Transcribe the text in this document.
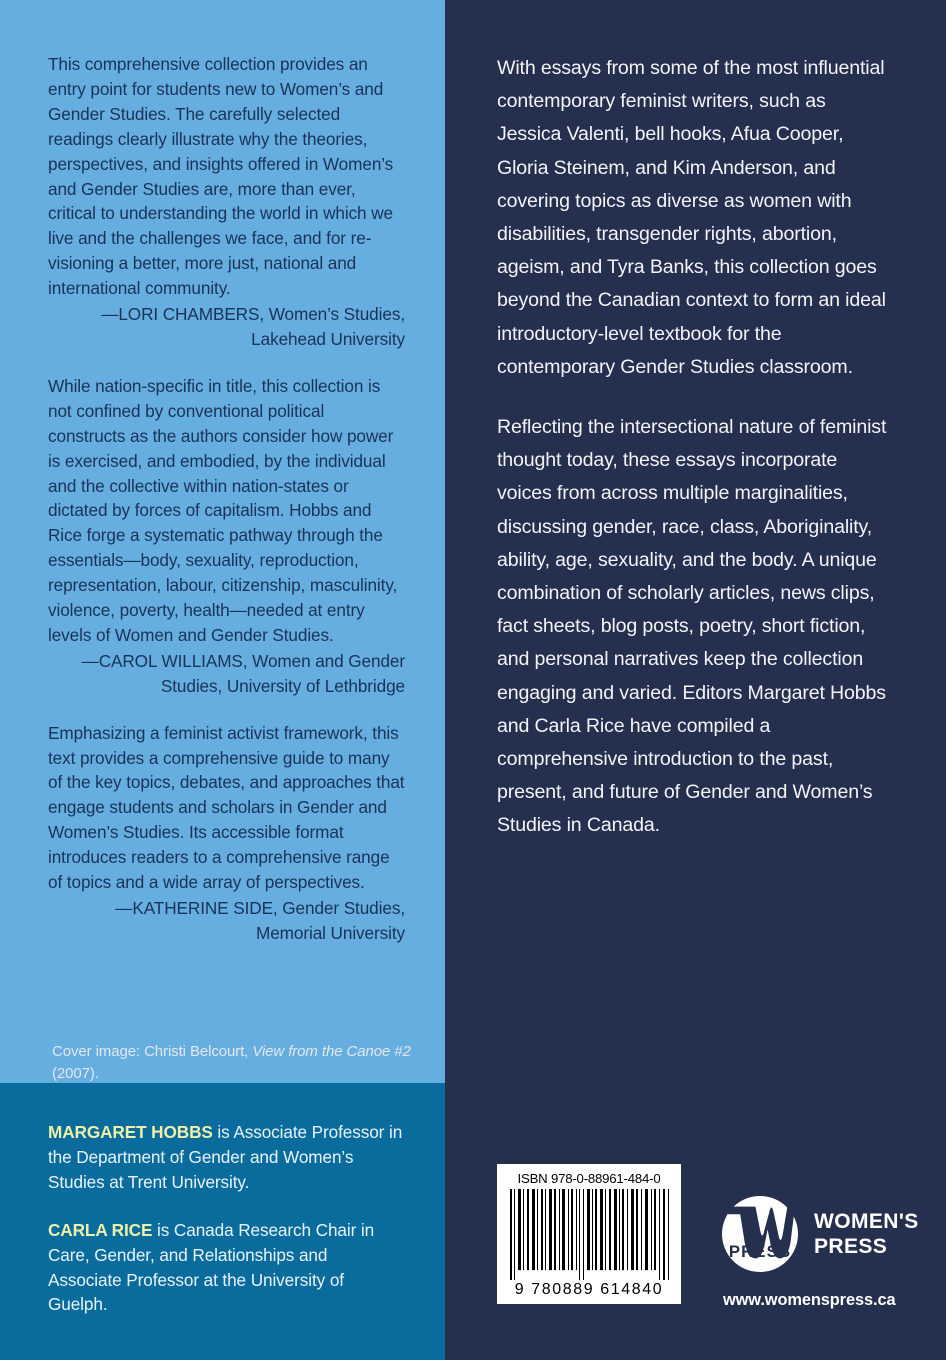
This comprehensive collection provides an entry point for students new to Women’s and Gender Studies. The carefully selected readings clearly illustrate why the theories, perspectives, and insights offered in Women’s and Gender Studies are, more than ever, critical to understanding the world in which we live and the challenges we face, and for re-visioning a better, more just, national and international community.
—LORI CHAMBERS, Women’s Studies, Lakehead University
While nation-specific in title, this collection is not confined by conventional political constructs as the authors consider how power is exercised, and embodied, by the individual and the collective within nation-states or dictated by forces of capitalism. Hobbs and Rice forge a systematic pathway through the essentials—body, sexuality, reproduction, representation, labour, citizenship, masculinity, violence, poverty, health—needed at entry levels of Women and Gender Studies.
—CAROL WILLIAMS, Women and Gender Studies, University of Lethbridge
Emphasizing a feminist activist framework, this text provides a comprehensive guide to many of the key topics, debates, and approaches that engage students and scholars in Gender and Women’s Studies. Its accessible format introduces readers to a comprehensive range of topics and a wide array of perspectives.
—KATHERINE SIDE, Gender Studies, Memorial University
MARGARET HOBBS is Associate Professor in the Department of Gender and Women’s Studies at Trent University.
CARLA RICE is Canada Research Chair in Care, Gender, and Relationships and Associate Professor at the University of Guelph.

With essays from some of the most influential contemporary feminist writers, such as Jessica Valenti, bell hooks, Afua Cooper, Gloria Steinem, and Kim Anderson, and covering topics as diverse as women with disabilities, transgender rights, abortion, ageism, and Tyra Banks, this collection goes beyond the Canadian context to form an ideal introductory-level textbook for the contemporary Gender Studies classroom.

Reflecting the intersectional nature of feminist thought today, these essays incorporate voices from across multiple marginalities, discussing gender, race, class, Aboriginality, ability, age, sexuality, and the body. A unique combination of scholarly articles, news clips, fact sheets, blog posts, poetry, short fiction, and personal narratives keep the collection engaging and varied. Editors Margaret Hobbs and Carla Rice have compiled a comprehensive introduction to the past, present, and future of Gender and Women’s Studies in Canada.

Cover image: Christi Belcourt, View from the Canoe #2 (2007).
ISBN 978-0-88961-484-0
9 780889 614840
PRESS
WOMEN'S
PRESS
www.womenspress.ca
